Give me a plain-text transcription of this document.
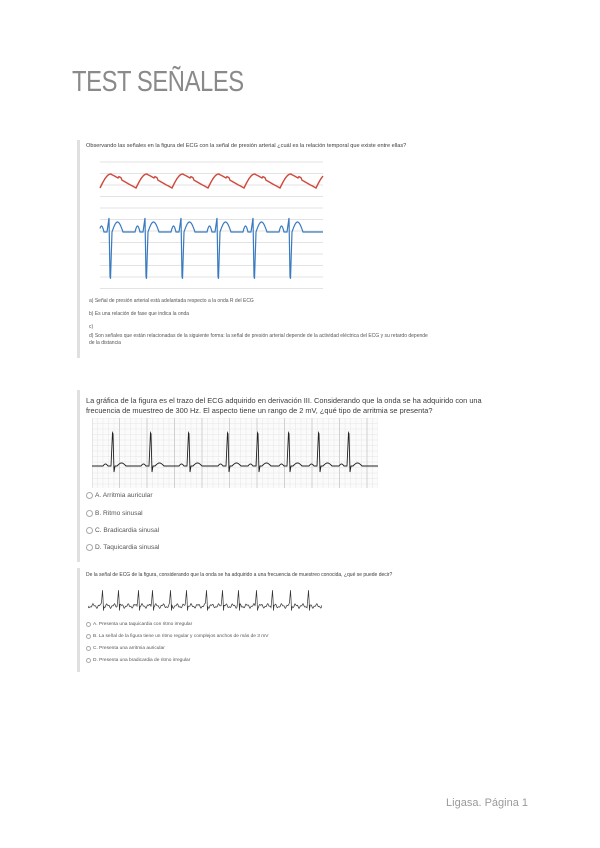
TEST SEÑALES

Observando las señales en la figura del ECG con la señal de presión arterial ¿cuál es la relación temporal que existe entre ellas?

a) Señal de presión arterial está adelantada respecto a la onda R del ECG
b) Es una relación de fase que indica la onda
c)
d) Son señales que están relacionadas de la siguiente forma: la señal de presión arterial depende de la actividad eléctrica del ECG y su retardo depende de la distancia

La gráfica de la figura es el trazo del ECG adquirido en derivación III. Considerando que la onda se ha adquirido con una frecuencia de muestreo de 300 Hz. El aspecto tiene un rango de 2 mV, ¿qué tipo de arritmia se presenta?

A. Arritmia auricular
B. Ritmo sinusal
C. Bradicardia sinusal
D. Taquicardia sinusal

De la señal de ECG de la figura, considerando que la onda se ha adquirido a una frecuencia de muestreo conocida, ¿qué se puede decir?

A. Presenta una taquicardia con ritmo irregular
B. La señal de la figura tiene un ritmo regular y complejos anchos de más de 3 mV
C. Presenta una arritmia auricular
D. Presenta una bradicardia de ritmo irregular
Ligasa. Página 1
